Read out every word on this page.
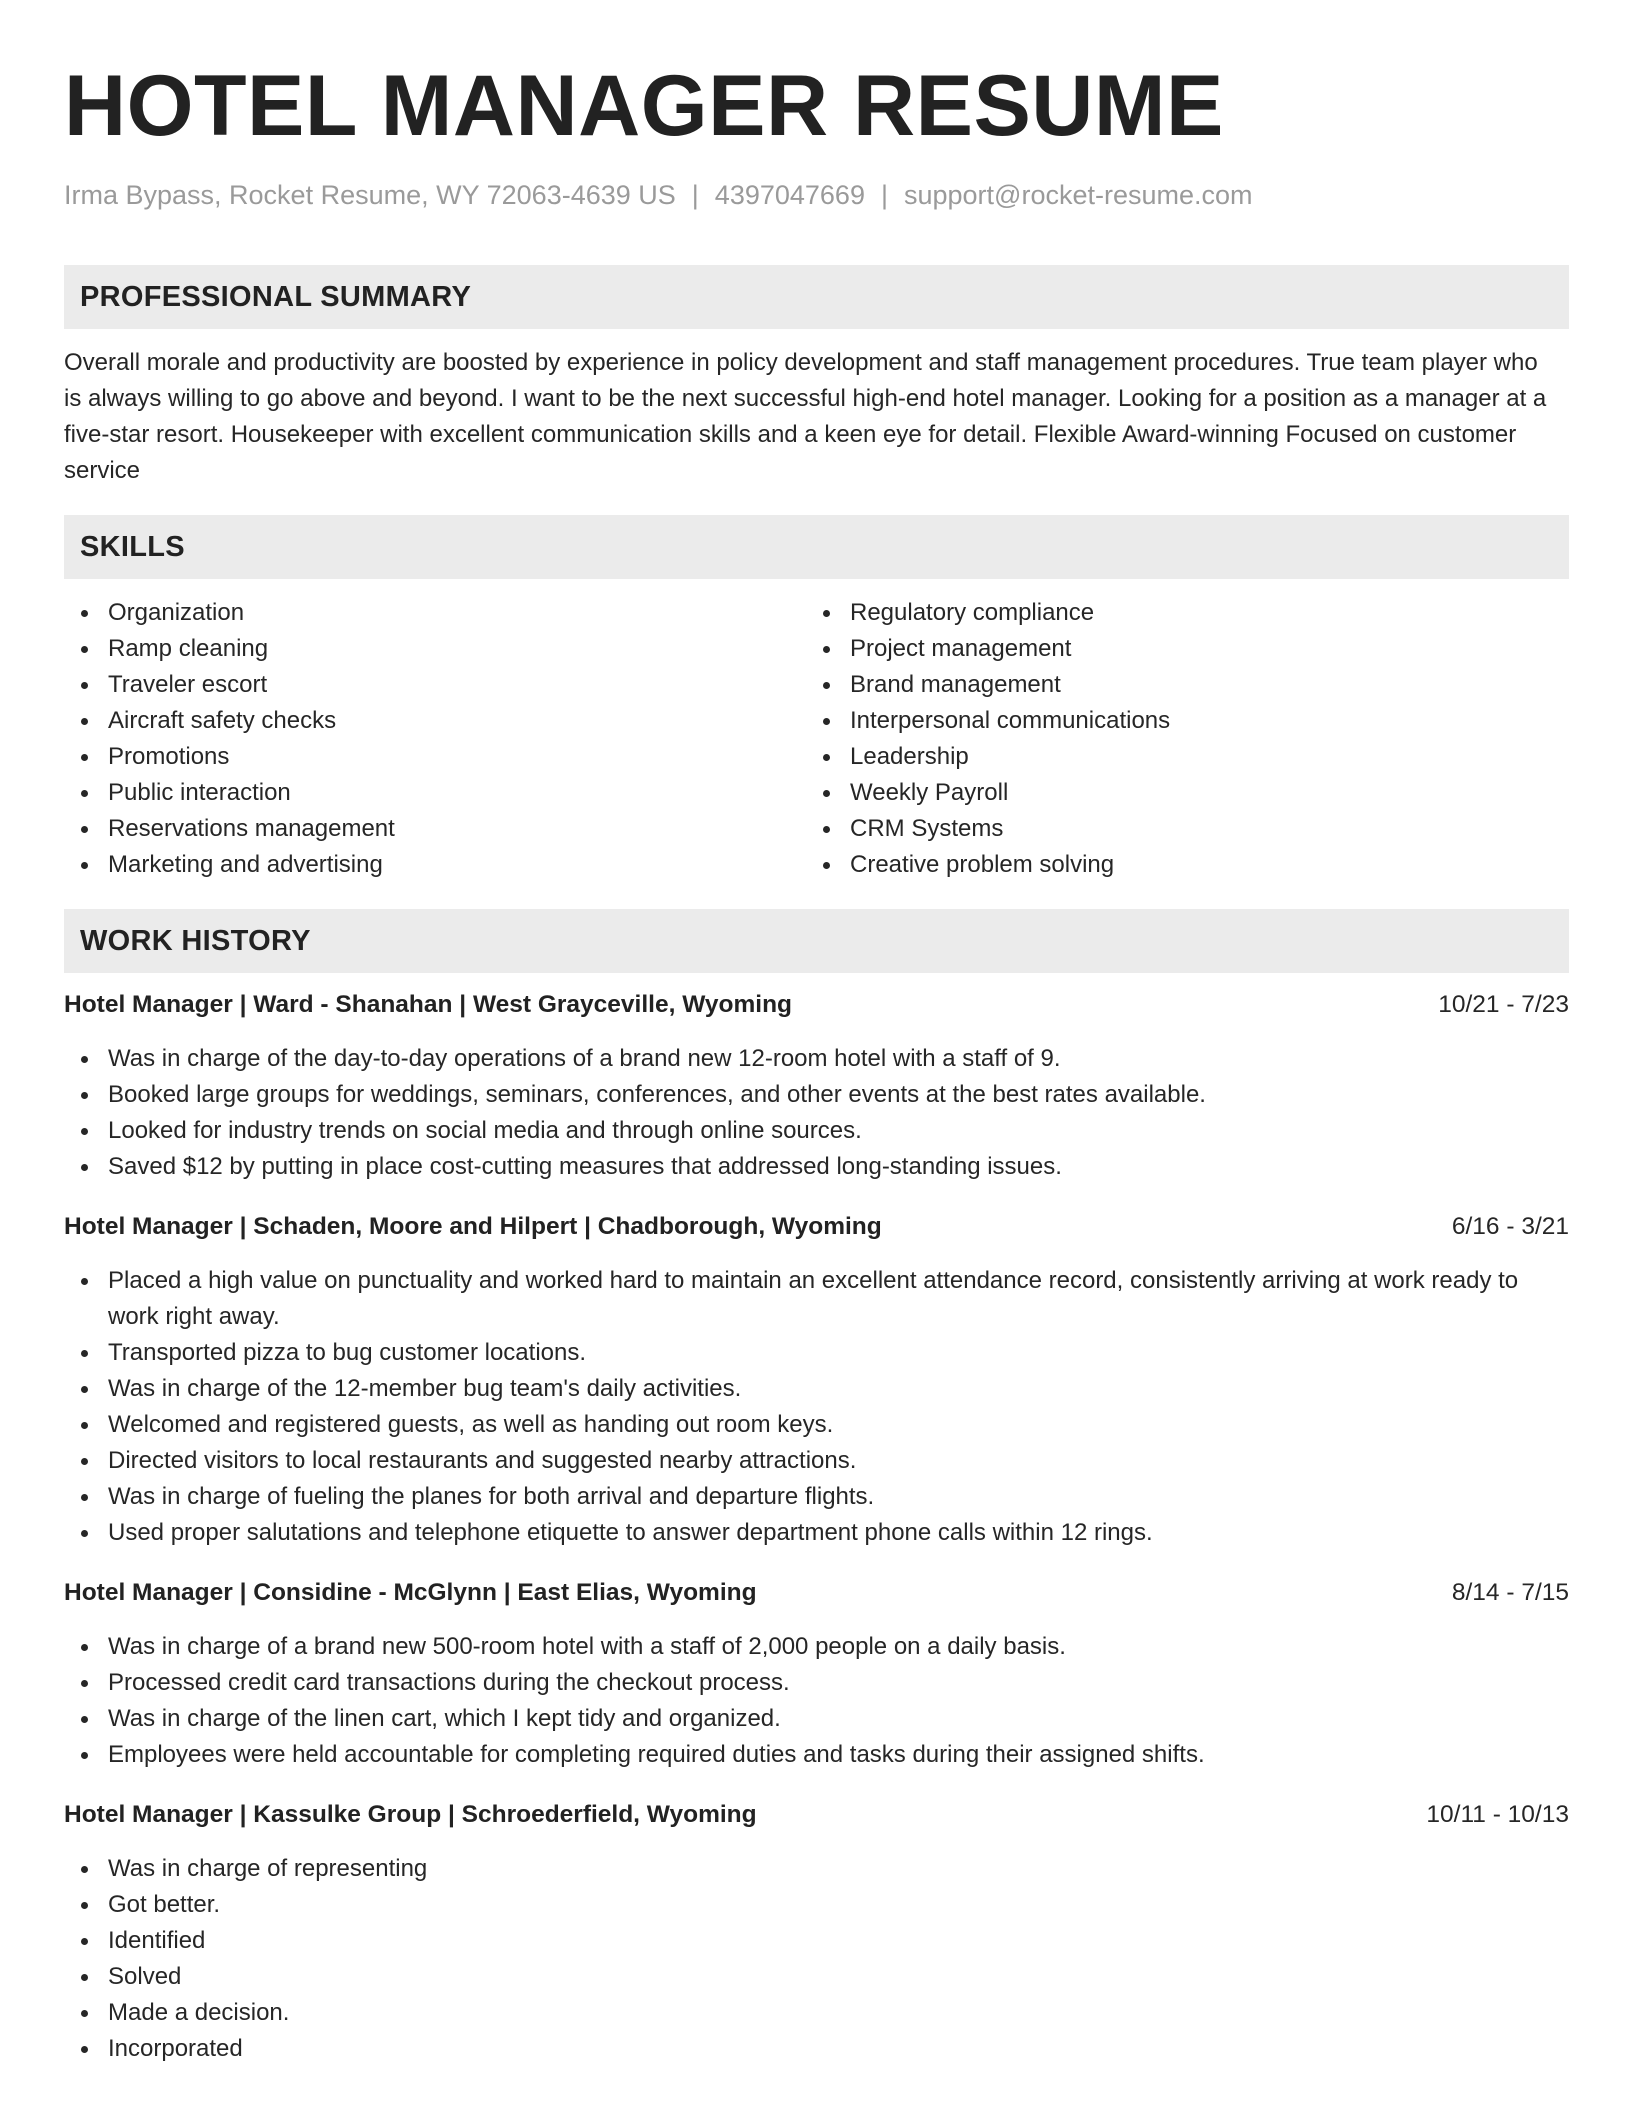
HOTEL MANAGER RESUME
Irma Bypass, Rocket Resume, WY 72063-4639 US | 4397047669 | support@rocket-resume.com
PROFESSIONAL SUMMARY
Overall morale and productivity are boosted by experience in policy development and staff management procedures. True team player who is always willing to go above and beyond. I want to be the next successful high-end hotel manager. Looking for a position as a manager at a five-star resort. Housekeeper with excellent communication skills and a keen eye for detail. Flexible Award-winning Focused on customer service
SKILLS
Organization
Ramp cleaning
Traveler escort
Aircraft safety checks
Promotions
Public interaction
Reservations management
Marketing and advertising
Regulatory compliance
Project management
Brand management
Interpersonal communications
Leadership
Weekly Payroll
CRM Systems
Creative problem solving
WORK HISTORY
Hotel Manager | Ward - Shanahan | West Grayceville, Wyoming	10/21 - 7/23
Was in charge of the day-to-day operations of a brand new 12-room hotel with a staff of 9.
Booked large groups for weddings, seminars, conferences, and other events at the best rates available.
Looked for industry trends on social media and through online sources.
Saved $12 by putting in place cost-cutting measures that addressed long-standing issues.
Hotel Manager | Schaden, Moore and Hilpert | Chadborough, Wyoming	6/16 - 3/21
Placed a high value on punctuality and worked hard to maintain an excellent attendance record, consistently arriving at work ready to work right away.
Transported pizza to bug customer locations.
Was in charge of the 12-member bug team's daily activities.
Welcomed and registered guests, as well as handing out room keys.
Directed visitors to local restaurants and suggested nearby attractions.
Was in charge of fueling the planes for both arrival and departure flights.
Used proper salutations and telephone etiquette to answer department phone calls within 12 rings.
Hotel Manager | Considine - McGlynn | East Elias, Wyoming	8/14 - 7/15
Was in charge of a brand new 500-room hotel with a staff of 2,000 people on a daily basis.
Processed credit card transactions during the checkout process.
Was in charge of the linen cart, which I kept tidy and organized.
Employees were held accountable for completing required duties and tasks during their assigned shifts.
Hotel Manager | Kassulke Group | Schroederfield, Wyoming	10/11 - 10/13
Was in charge of representing
Got better.
Identified
Solved
Made a decision.
Incorporated
